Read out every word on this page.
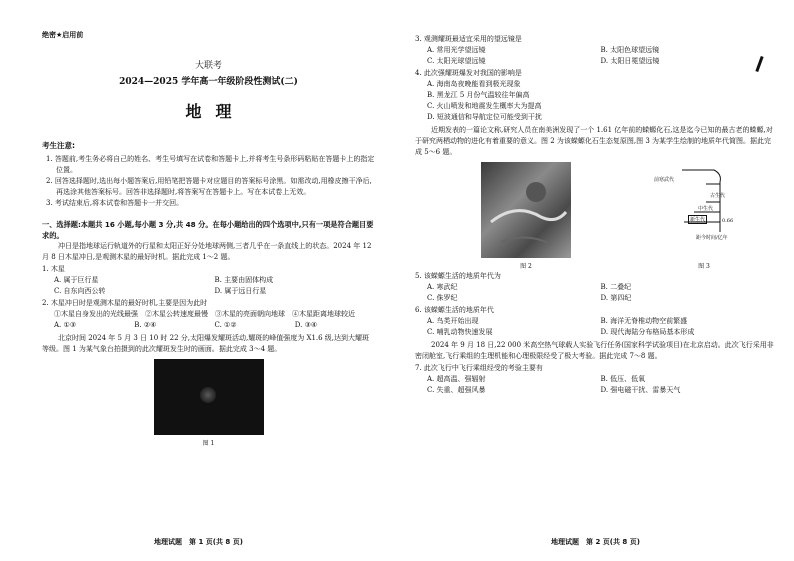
绝密★启用前
大联考
2024—2025 学年高一年级阶段性测试(二)
地理
考生注意:

1. 答题前,考生务必将自己的姓名、考生号填写在试卷和答题卡上,并将考生号条形码粘贴在答题卡上的指定位置。

2. 回答选择题时,选出每小题答案后,用铅笔把答题卡对应题目的答案标号涂黑。如需改动,用橡皮擦干净后,再选涂其他答案标号。回答非选择题时,将答案写在答题卡上。写在本试卷上无效。

3. 考试结束后,将本试卷和答题卡一并交回。

一、选择题:本题共 16 小题,每小题 3 分,共 48 分。在每小题给出的四个选项中,只有一项是符合题目要求的。

冲日是指地球运行轨道外的行星和太阳正好分处地球两侧,三者几乎在一条直线上的状态。2024 年 12 月 8 日木星冲日,是观测木星的最好时机。据此完成 1～2 题。

1. 木星

A. 属于巨行星	B. 主要由固体构成
C. 自东向西公转	D. 属于远日行星

2. 木星冲日时是观测木星的最好时机,主要是因为此时

①木星自身发出的光线最强　②木星公转速度最慢　③木星的亮面朝向地球　④木星距离地球较近

A. ①③	B. ②④	C. ①②	D. ③④

北京时间 2024 年 5 月 3 日 10 时 22 分,太阳爆发耀斑活动,耀斑的峰值强度为 X1.6 级,达到大耀斑等级。图 1 为某气象台拍摄到的此次耀斑发生时的画面。据此完成 3～4 题。

图 1
地理试题　第 1 页(共 8 页)

3. 观测耀斑最适宜采用的望远镜是

A. 常用光学望远镜	B. 太阳色球望远镜
C. 太阳光球望远镜	D. 太阳日冕望远镜

4. 此次强耀斑爆发对我国的影响是

A. 海南岛夜晚能看到极光现象

B. 黑龙江 5 月份气温较往年偏高

C. 火山喷发和地震发生概率大为提高

D. 短波通信和导航定位可能受到干扰

近期发表的一篇论文称,研究人员在南美洲发现了一个 1.61 亿年前的蝾螈化石,这是迄今已知的最古老的蝾螈,对于研究两栖动物的进化有着重要的意义。图 2 为该蝾螈化石生态复原图,图 3 为某学生绘制的地质年代简图。据此完成 5～6 题。

图 2
前寒武代
古生代
中生代
新生代	0.66
距今时间/亿年
图 3

5. 该蝾螈生活的地质年代为

A. 寒武纪	B. 二叠纪
C. 侏罗纪	D. 第四纪

6. 该蝾螈生活的地质年代

A. 鸟类开始出现	B. 海洋无脊椎动物空前繁盛
C. 哺乳动物快速发展	D. 现代海陆分布格局基本形成

2024 年 9 月 18 日,22 000 米高空热气球载人实验飞行任务(国家科学试验项目)在北京启动。此次飞行采用非密闭舱室,飞行乘组的生理机能和心理极限经受了极大考验。据此完成 7～8 题。

7. 此次飞行中飞行乘组经受的考验主要有

A. 超高温、强辐射	B. 低压、低氧
C. 失重、超强风暴	D. 强电磁干扰、雷暴天气
地理试题　第 2 页(共 8 页)
